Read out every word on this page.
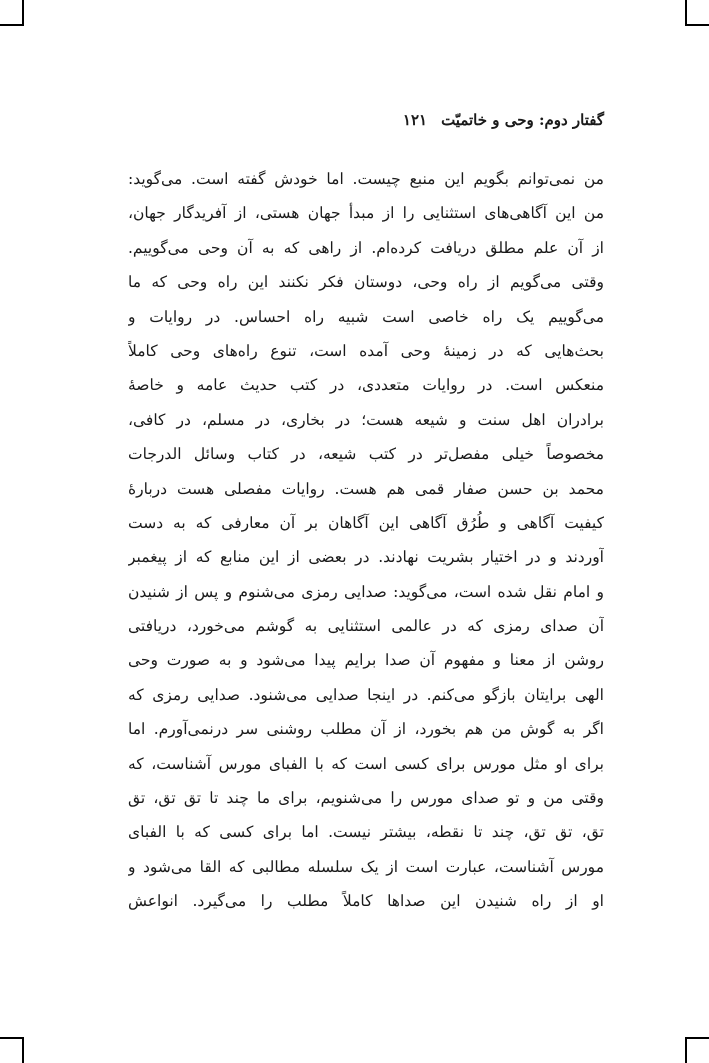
گفتار دوم: وحی و خاتمیّت۱۲۱
من نمی‌توانم بگویم این منبع چیست. اما خودش گفته است. می‌گوید:
من این آگاهی‌های استثنایی را از مبدأ جهان هستی، از آفریدگار جهان،
از آن علم مطلق دریافت کرده‌ام. از راهی که به آن وحی می‌گوییم.
وقتی می‌گویم از راه وحی، دوستان فکر نکنند این راه وحی که ما
می‌گوییم یک راه خاصی است شبیه راه احساس. در روایات و
بحث‌هایی که در زمینهٔ وحی آمده است، تنوع راه‌های وحی کاملاً
منعکس است. در روایات متعددی، در کتب حدیث عامه و خاصهٔ
برادران اهل سنت و شیعه هست؛ در بخاری، در مسلم، در کافی،
مخصوصاً خیلی مفصل‌تر در کتب شیعه، در کتاب وسائل الدرجات
محمد بن حسن صفار قمی هم هست. روایات مفصلی هست دربارهٔ
کیفیت آگاهی و طُرُق آگاهی این آگاهان بر آن معارفی که به دست
آوردند و در اختیار بشریت نهادند. در بعضی از این منابع که از پیغمبر
و امام نقل شده است، می‌گوید: صدایی رمزی می‌شنوم و پس از شنیدن
آن صدای رمزی که در عالمی استثنایی به گوشم می‌خورد، دریافتی
روشن از معنا و مفهوم آن صدا برایم پیدا می‌شود و به صورت وحی
الهی برایتان بازگو می‌کنم. در اینجا صدایی می‌شنود. صدایی رمزی که
اگر به گوش من هم بخورد، از آن مطلب روشنی سر درنمی‌آورم. اما
برای او مثل مورس برای کسی است که با الفبای مورس آشناست، که
وقتی من و تو صدای مورس را می‌شنویم، برای ما چند تا تق تق، تق
تق، تق تق، چند تا نقطه، بیشتر نیست. اما برای کسی که با الفبای
مورس آشناست، عبارت است از یک سلسله مطالبی که القا می‌شود و
او از راه شنیدن این صداها کاملاً مطلب را می‌گیرد. انواعش
